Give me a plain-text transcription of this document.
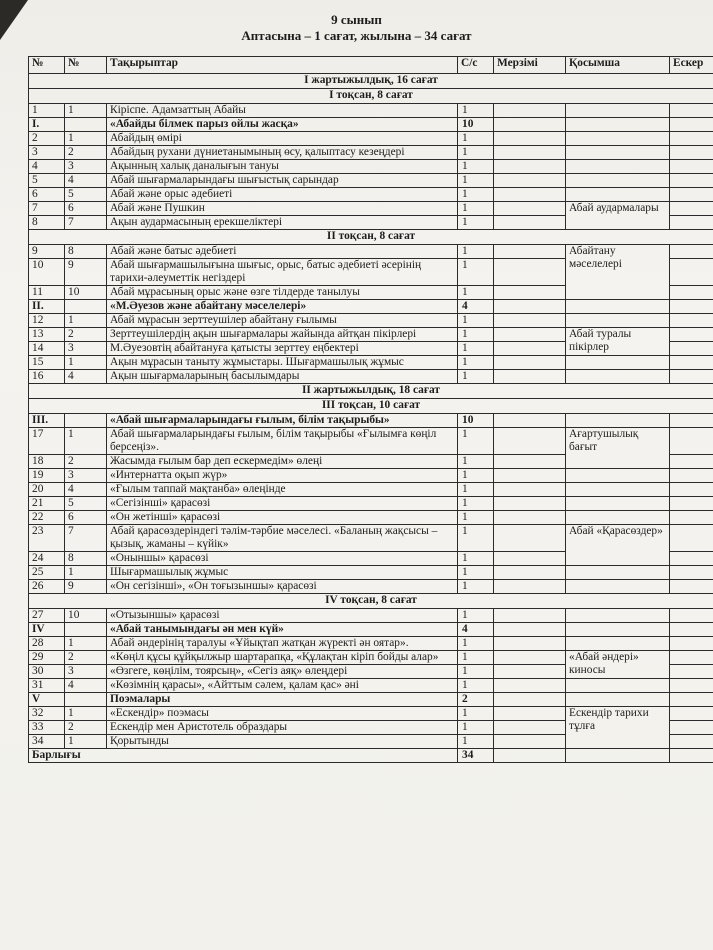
9 сынып
Аптасына – 1 сағат, жылына – 34 сағат
№	№	Тақырыптар	С/с	Мерзімі	Қосымша	Ескер
І жартыжылдық, 16 сағат						
І тоқсан, 8 сағат						
1	1	Кіріспе. Адамзаттың Абайы	1			
І.		«Абайды білмек парыз ойлы жасқа»	10			
2	1	Абайдың өмірі	1			
3	2	Абайдың рухани дүниетанымының өсу, қалыптасу кезеңдері	1			
4	3	Ақынның халық даналығын тануы	1			
5	4	Абай шығармаларындағы шығыстық сарындар	1			
6	5	Абай және орыс әдебиеті	1			
7	6	Абай және Пушкин	1		Абай аудармалары	
8	7	Ақын аудармасының ерекшеліктері	1			
ІІ тоқсан, 8 сағат						
9	8	Абай және батыс әдебиеті	1		Абайтану мәселелері	
10	9	Абай шығармашылығына шығыс, орыс, батыс әдебиеті әсерінің тарихи-әлеуметтік негіздері	1			
11	10	Абай мұрасының орыс және өзге тілдерде танылуы	1			
ІІ.		«М.Әуезов және абайтану мәселелері»	4			
12	1	Абай мұрасын зерттеушілер абайтану ғылымы	1			
13	2	Зерттеушілердің ақын шығармалары жайында айтқан пікірлері	1		Абай туралы пікірлер	
14	3	М.Әуезовтің абайтануға қатысты зерттеу еңбектері	1			
15	1	Ақын мұрасын таныту жұмыстары. Шығармашылық жұмыс	1			
16	4	Ақын шығармаларының басылымдары	1			
ІІ жартыжылдық, 18 сағат						
ІІІ тоқсан, 10 сағат						
ІІІ.		«Абай шығармаларындағы ғылым, білім тақырыбы»	10			
17	1	Абай шығармаларындағы ғылым, білім тақырыбы «Ғылымға көңіл берсеңіз».	1		Ағартушылық бағыт	
18	2	Жасымда ғылым бар деп ескермедім» өлеңі	1			
19	3	«Интернатта оқып жүр»	1			
20	4	«Ғылым таппай мақтанба» өлеңінде	1			
21	5	«Сегізінші» қарасөзі	1			
22	6	«Он жетінші» қарасөзі	1			
23	7	Абай қарасөздеріндегі тәлім-тәрбие мәселесі. «Баланың жақсысы – қызық, жаманы – күйік»	1		Абай «Қарасөздер»	
24	8	«Оныншы» қарасөзі	1			
25	1	Шығармашылық жұмыс	1			
26	9	«Он сегізінші», «Он тоғызыншы» қарасөзі	1			
ІV тоқсан, 8 сағат						
27	10	«Отызыншы» қарасөзі	1			
ІV		«Абай танымындағы ән мен күй»	4			
28	1	Абай әндерінің таралуы «Ұйықтап жатқан жүректі ән оятар».	1			
29	2	«Көңіл құсы құйқылжыр шартарапқа, «Құлақтан кіріп бойды алар»	1		«Абай әндері» киносы	
30	3	«Өзгеге, көңілім, тоярсың», «Сегіз аяқ» өлеңдері	1			
31	4	«Көзімнің қарасы», «Айттым сәлем, қалам қас» әні	1			
V		Поэмалары	2			
32	1	«Ескендір» поэмасы	1		Ескендір тарихи тұлға	
33	2	Ескендір мен Аристотель образдары	1			
34	1	Қорытынды	1			
Барлығы			34			
